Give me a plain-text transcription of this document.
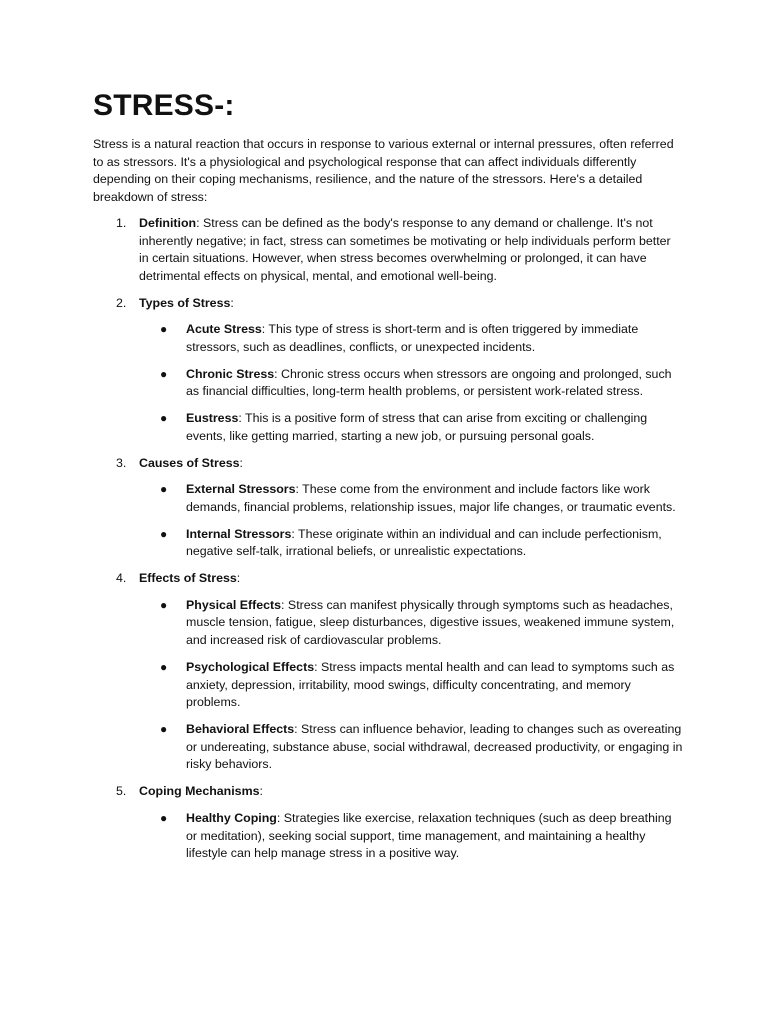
STRESS-:

Stress is a natural reaction that occurs in response to various external or internal pressures, often referred to as stressors. It's a physiological and psychological response that can affect individuals differently depending on their coping mechanisms, resilience, and the nature of the stressors. Here's a detailed breakdown of stress:

1. Definition: Stress can be defined as the body's response to any demand or challenge. It's not inherently negative; in fact, stress can sometimes be motivating or help individuals perform better in certain situations. However, when stress becomes overwhelming or prolonged, it can have detrimental effects on physical, mental, and emotional well-being.
2. Types of Stress:
● Acute Stress: This type of stress is short-term and is often triggered by immediate stressors, such as deadlines, conflicts, or unexpected incidents.
● Chronic Stress: Chronic stress occurs when stressors are ongoing and prolonged, such as financial difficulties, long-term health problems, or persistent work-related stress.
● Eustress: This is a positive form of stress that can arise from exciting or challenging events, like getting married, starting a new job, or pursuing personal goals.
3. Causes of Stress:
● External Stressors: These come from the environment and include factors like work demands, financial problems, relationship issues, major life changes, or traumatic events.
● Internal Stressors: These originate within an individual and can include perfectionism, negative self-talk, irrational beliefs, or unrealistic expectations.
4. Effects of Stress:
● Physical Effects: Stress can manifest physically through symptoms such as headaches, muscle tension, fatigue, sleep disturbances, digestive issues, weakened immune system, and increased risk of cardiovascular problems.
● Psychological Effects: Stress impacts mental health and can lead to symptoms such as anxiety, depression, irritability, mood swings, difficulty concentrating, and memory problems.
● Behavioral Effects: Stress can influence behavior, leading to changes such as overeating or undereating, substance abuse, social withdrawal, decreased productivity, or engaging in risky behaviors.
5. Coping Mechanisms:
● Healthy Coping: Strategies like exercise, relaxation techniques (such as deep breathing or meditation), seeking social support, time management, and maintaining a healthy lifestyle can help manage stress in a positive way.
